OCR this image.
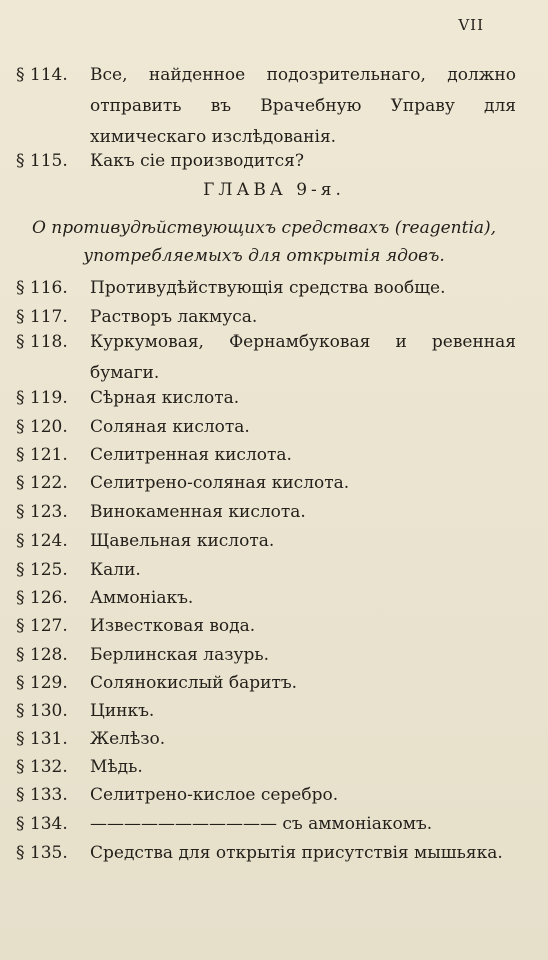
VII
§ 114.	Все, найденное подозрительнаго, должно отправить въ Врачебную Управу для химическаго изслѣдованія.
§ 115.	Какъ сіе производится?
ГЛАВА 9-я.
О противудѣйствующихъ средствахъ (reagentia),
употребляемыхъ для открытія ядовъ.
§ 116.	Противудѣйствующія средства вообще.
§ 117.	Растворъ лакмуса.
§ 118.	Куркумовая, Фернамбуковая и ревенная бумаги.
§ 119.	Сѣрная кислота.
§ 120.	Соляная кислота.
§ 121.	Селитренная кислота.
§ 122.	Селитрено-соляная кислота.
§ 123.	Винокаменная кислота.
§ 124.	Щавельная кислота.
§ 125.	Кали.
§ 126.	Аммоніакъ.
§ 127.	Известковая вода.
§ 128.	Берлинская лазурь.
§ 129.	Солянокислый баритъ.
§ 130.	Цинкъ.
§ 131.	Желѣзо.
§ 132.	Мѣдь.
§ 133.	Селитрено-кислое серебро.
§ 134.	——————————— съ аммоніакомъ.
§ 135.	Средства для открытія присутствія мышьяка.
